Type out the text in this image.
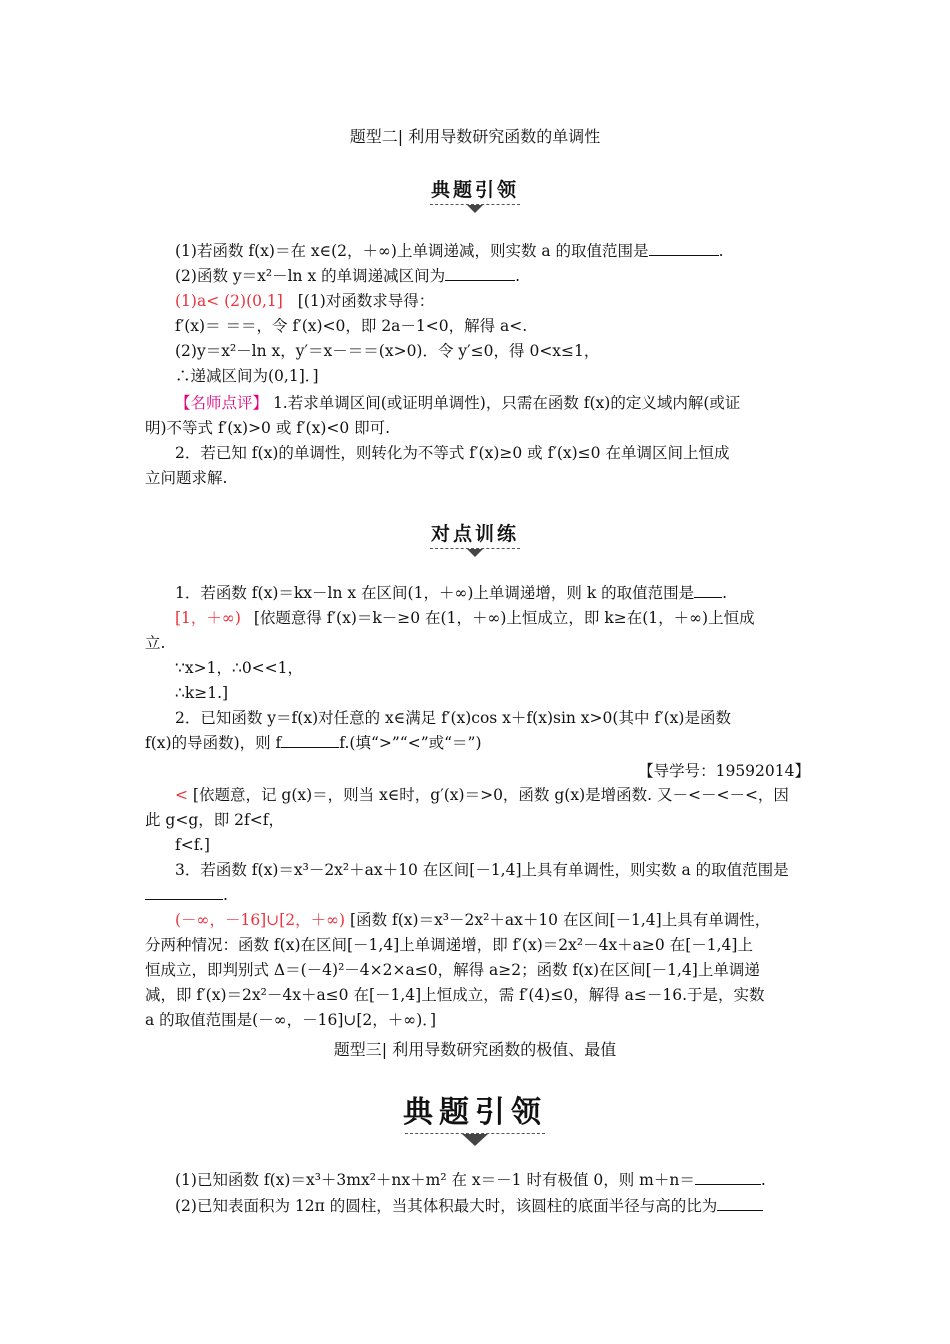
题型二| 利用导数研究函数的单调性
典题引领
(1)若函数 f(x)＝在 x∈(2，＋∞)上单调递减，则实数 a 的取值范围是	.
(2)函数 y＝x²－ln x 的单调递减区间为	.
(1)a< (2)(0,1] [(1)对函数求导得：
f′(x)＝ ＝＝，令 f′(x)<0，即 2a－1<0，解得 a<.
(2)y＝x²－ln x，y′＝x－＝＝(x>0)．令 y′≤0，得 0<x≤1，
∴递减区间为(0,1]．]
【名师点评】 1.若求单调区间(或证明单调性)，只需在函数 f(x)的定义域内解(或证
明)不等式 f′(x)>0 或 f′(x)<0 即可.
2．若已知 f(x)的单调性，则转化为不等式 f′(x)≥0 或 f′(x)≤0 在单调区间上恒成
立问题求解.
对点训练
1．若函数 f(x)＝kx－ln x 在区间(1，＋∞)上单调递增，则 k 的取值范围是 .
[1，＋∞) [依题意得 f′(x)＝k－≥0 在(1，＋∞)上恒成立，即 k≥在(1，＋∞)上恒成
立.
∵x>1，∴0<<1，
∴k≥1.]
2．已知函数 y＝f(x)对任意的 x∈满足 f′(x)cos x＋f(x)sin x>0(其中 f′(x)是函数
f(x)的导函数)，则 f	f.(填“>”“<”或“＝”)
【导学号：19592014】
< [依题意，记 g(x)＝，则当 x∈时，g′(x)＝>0，函数 g(x)是增函数. 又－<－<－<，因
此 g<g，即 2f<f，
f<f.]
3．若函数 f(x)＝x³－2x²＋ax＋10 在区间[－1,4]上具有单调性，则实数 a 的取值范围是
.
(－∞，－16]∪[2，＋∞) [函数 f(x)＝x³－2x²＋ax＋10 在区间[－1,4]上具有单调性，
分两种情况：函数 f(x)在区间[－1,4]上单调递增，即 f′(x)＝2x²－4x＋a≥0 在[－1,4]上
恒成立，即判别式 Δ＝(－4)²－4×2×a≤0，解得 a≥2；函数 f(x)在区间[－1,4]上单调递
减，即 f′(x)＝2x²－4x＋a≤0 在[－1,4]上恒成立，需 f′(4)≤0，解得 a≤－16.于是，实数
a 的取值范围是(－∞，－16]∪[2，＋∞)．]
题型三| 利用导数研究函数的极值、最值
典题引领
(1)已知函数 f(x)＝x³＋3mx²＋nx＋m² 在 x＝－1 时有极值 0，则 m＋n＝	.
(2)已知表面积为 12π 的圆柱，当其体积最大时，该圆柱的底面半径与高的比为
